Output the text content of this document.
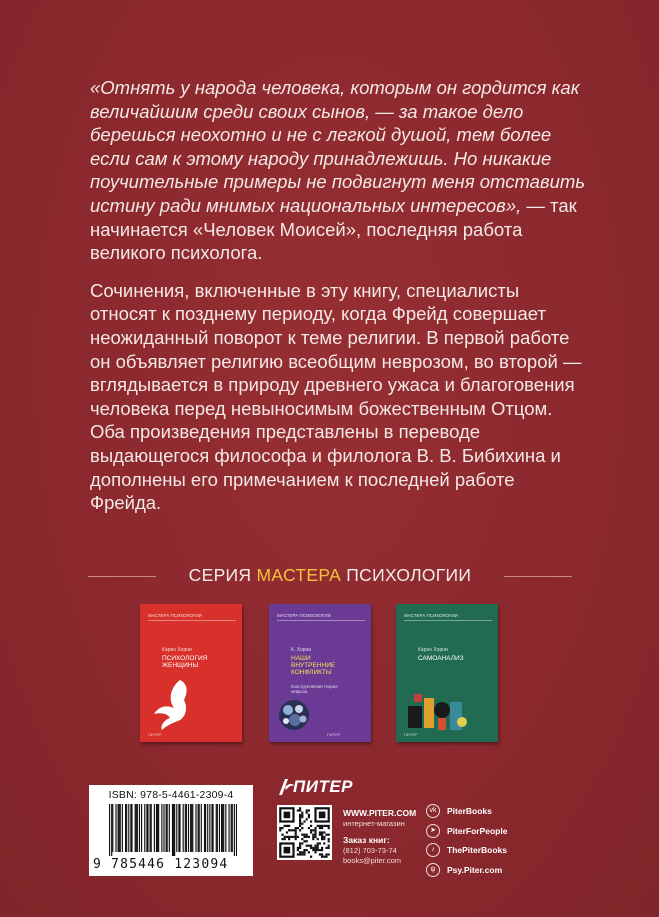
«Отнять у народа человека, которым он гордится как величайшим среди своих сынов, — за такое дело берешься неохотно и не с легкой душой, тем более если сам к этому народу принадлежишь. Но никакие поучительные примеры не подвигнут меня отставить истину ради мнимых национальных интересов», — так начинается «Человек Моисей», последняя работа великого психолога.

Сочинения, включенные в эту книгу, специалисты относят к позднему периоду, когда Фрейд совершает неожиданный поворот к теме религии. В первой работе он объявляет религию всеобщим неврозом, во второй — вглядывается в природу древнего ужаса и благоговения человека перед невыносимым божественным Отцом. Оба произведения представлены в переводе выдающегося философа и филолога В. В. Бибихина и дополнены его примечанием к последней работе Фрейда.

СЕРИЯ МАСТЕРА ПСИХОЛОГИИ
МАСТЕРА ПСИХОЛОГИИ
Карен Хорни
ПСИХОЛОГИЯ ЖЕНЩИНЫ
ПИТЕР
МАСТЕРА ПСИХОЛОГИИ
К. Хорни
НАШИ ВНУТРЕННИЕ КОНФЛИКТЫ
Конструктивная теория невроза
ПИТЕР
МАСТЕРА ПСИХОЛОГИИ
Карен Хорни
САМОАНАЛИЗ
ПИТЕР
ISBN: 978-5-4461-2309-4
9 785446 123094
ПИТЕР
WWW.PITER.COM
интернет-магазин
Заказ книг:
(812) 703-73-74
books@piter.com
vk	PiterBooks
➤	PiterForPeople
♪	ThePiterBooks
ψ	Psy.Piter.com
